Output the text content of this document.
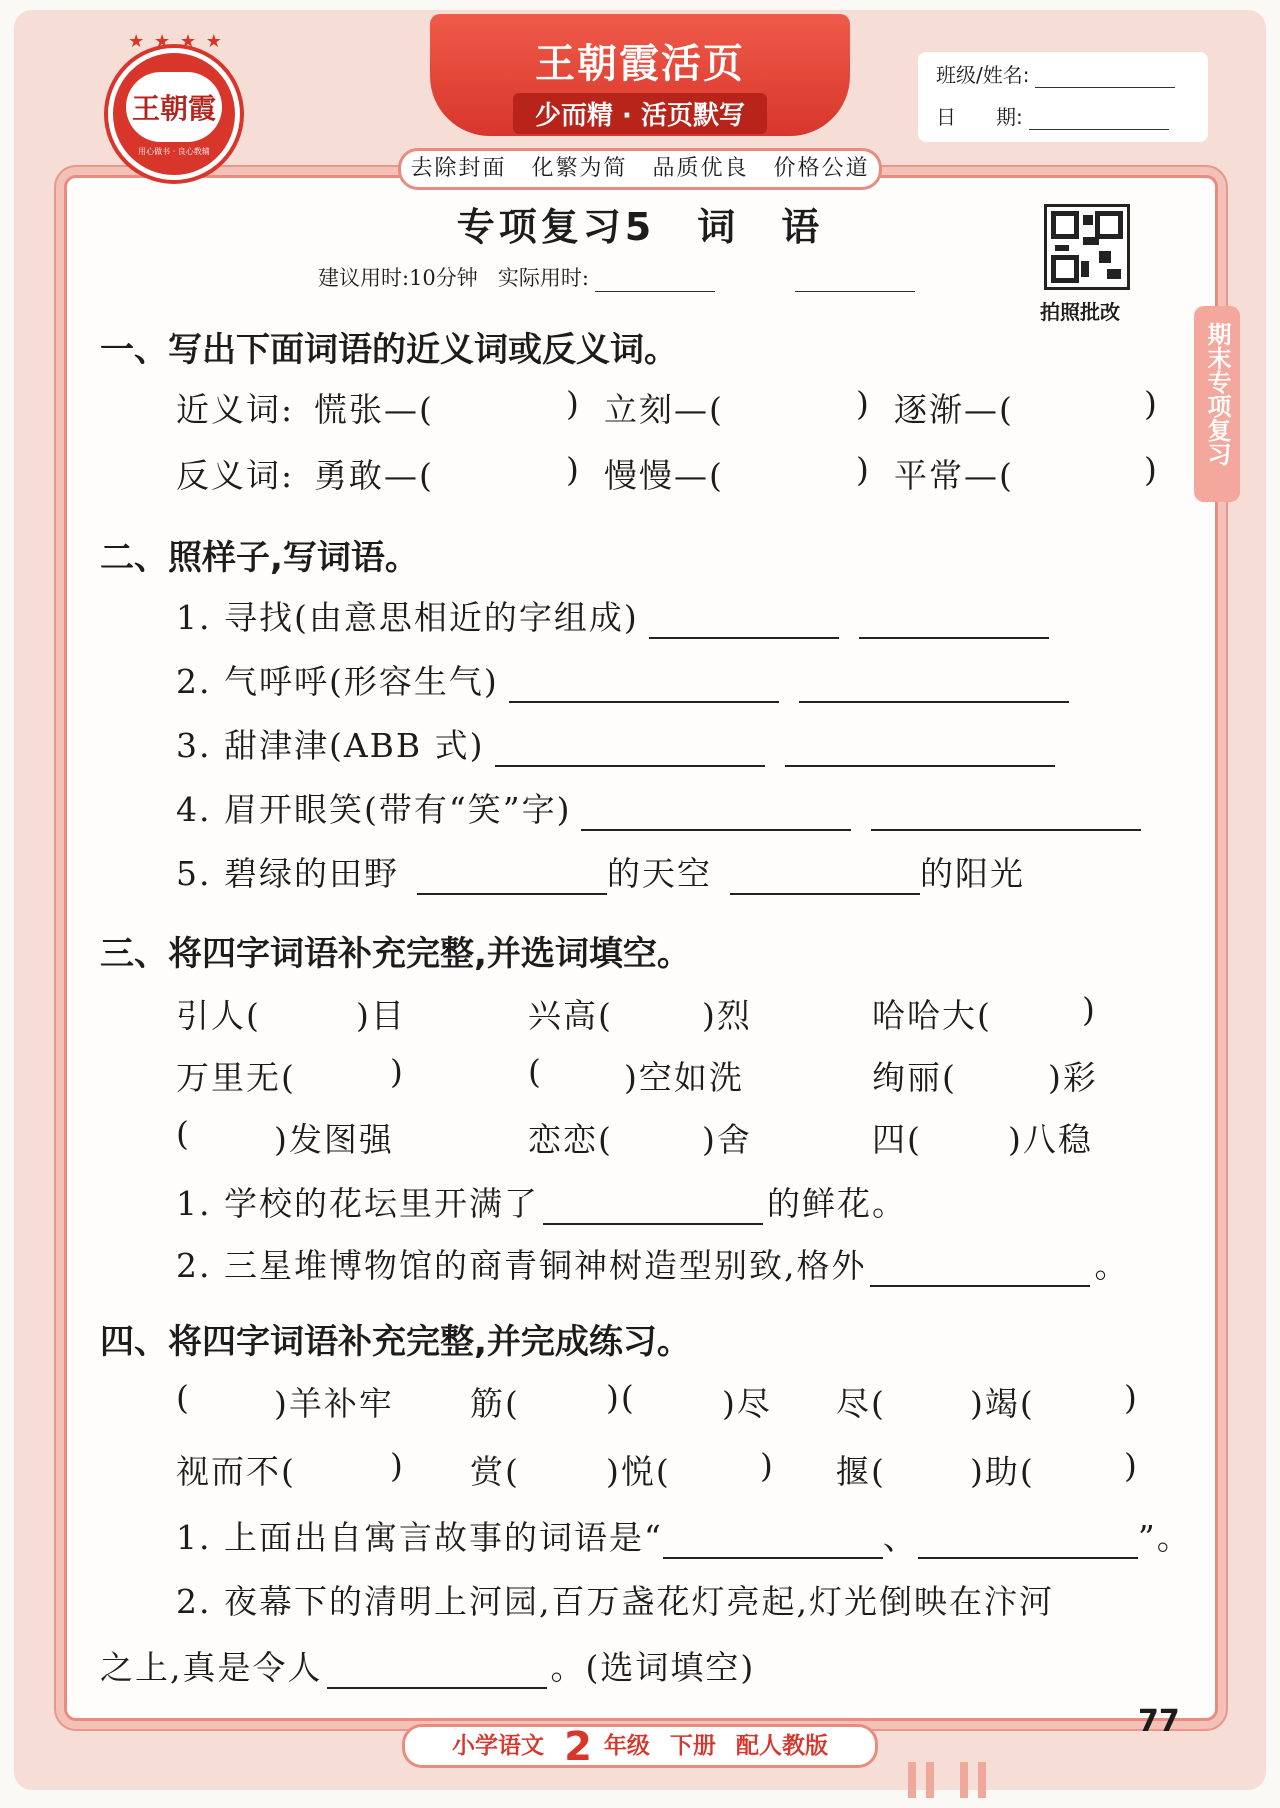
★ ★ ★ ★ ★
王朝霞
用心做书 · 良心教辅
王朝霞活页
少而精 · 活页默写
去除封面 化繁为简 品质优良 价格公道
班级/姓名:
日　　期:
专项复习5　词　语
建议用时:10分钟 实际用时:
拍照批改
期末专项复习
一、写出下面词语的近义词或反义词。
近义词: 慌张—(	) 立刻—(	) 逐渐—(	)
反义词: 勇敢—(	) 慢慢—(	) 平常—(	)
二、照样子,写词语。
1. 寻找(由意思相近的字组成)
2. 气呼呼(形容生气)
3. 甜津津(ABB 式)
4. 眉开眼笑(带有“笑”字)
5. 碧绿的田野	的天空	的阳光
三、将四字词语补充完整,并选词填空。
引人(	)目	兴高(	)烈	哈哈大(	)
万里无(	)	( )空如洗	绚丽(	)彩
(	)发图强	恋恋(	)舍	四(	)八稳
1. 学校的花坛里开满了	的鲜花。
2. 三星堆博物馆的商青铜神树造型别致,格外	。
四、将四字词语补充完整,并完成练习。
(	)羊补牢 筋(	)(	)尽 尽(	)竭(	)
视而不(	) 赏(	)悦(	) 揠(	)助(	)
1. 上面出自寓言故事的词语是“	、	”。
2. 夜幕下的清明上河园,百万盏花灯亮起,灯光倒映在汴河
之上,真是令人	。(选词填空)
77
小学语文 2 年级 下册 配人教版
